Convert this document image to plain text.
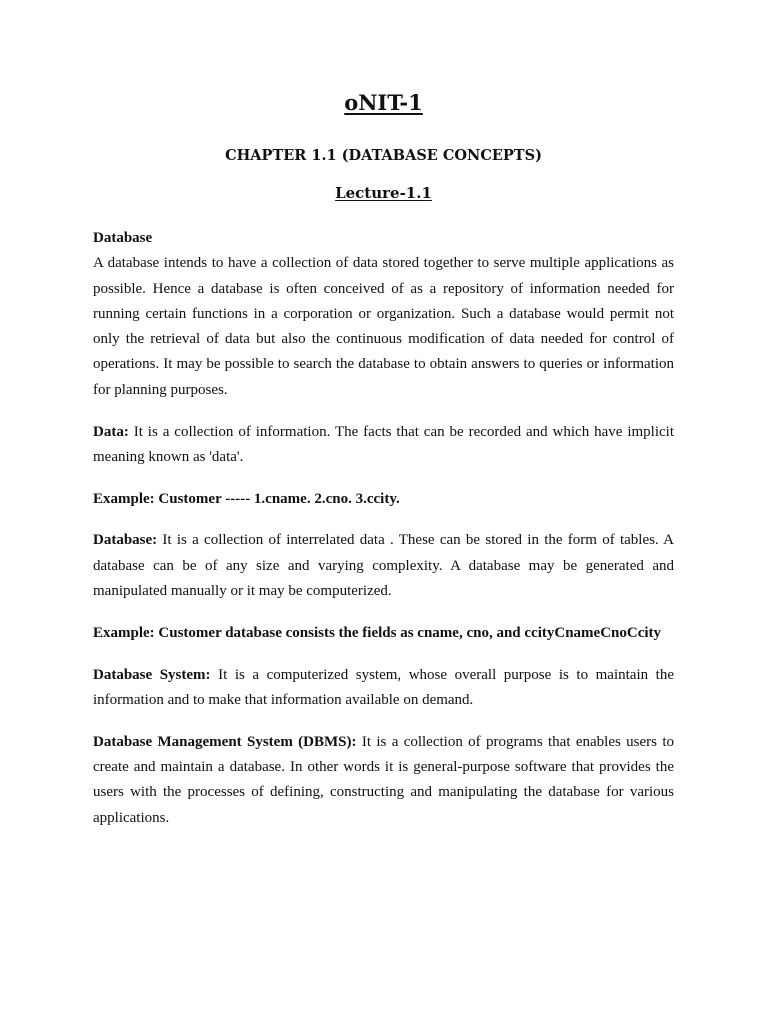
oNIT-1
CHAPTER 1.1 (DATABASE CONCEPTS)
Lecture-1.1

Database

A database intends to have a collection of data stored together to serve multiple applications as possible. Hence a database is often conceived of as a repository of information needed for running certain functions in a corporation or organization. Such a database would permit not only the retrieval of data but also the continuous modification of data needed for control of operations. It may be possible to search the database to obtain answers to queries or information for planning purposes.

Data: It is a collection of information. The facts that can be recorded and which have implicit meaning known as 'data'.

Example: Customer ----- 1.cname. 2.cno. 3.ccity.

Database: It is a collection of interrelated data . These can be stored in the form of tables. A database can be of any size and varying complexity. A database may be generated and manipulated manually or it may be computerized.

Example: Customer database consists the fields as cname, cno, and ccityCnameCnoCcity

Database System: It is a computerized system, whose overall purpose is to maintain the information and to make that information available on demand.

Database Management System (DBMS): It is a collection of programs that enables users to create and maintain a database. In other words it is general-purpose software that provides the users with the processes of defining, constructing and manipulating the database for various applications.
